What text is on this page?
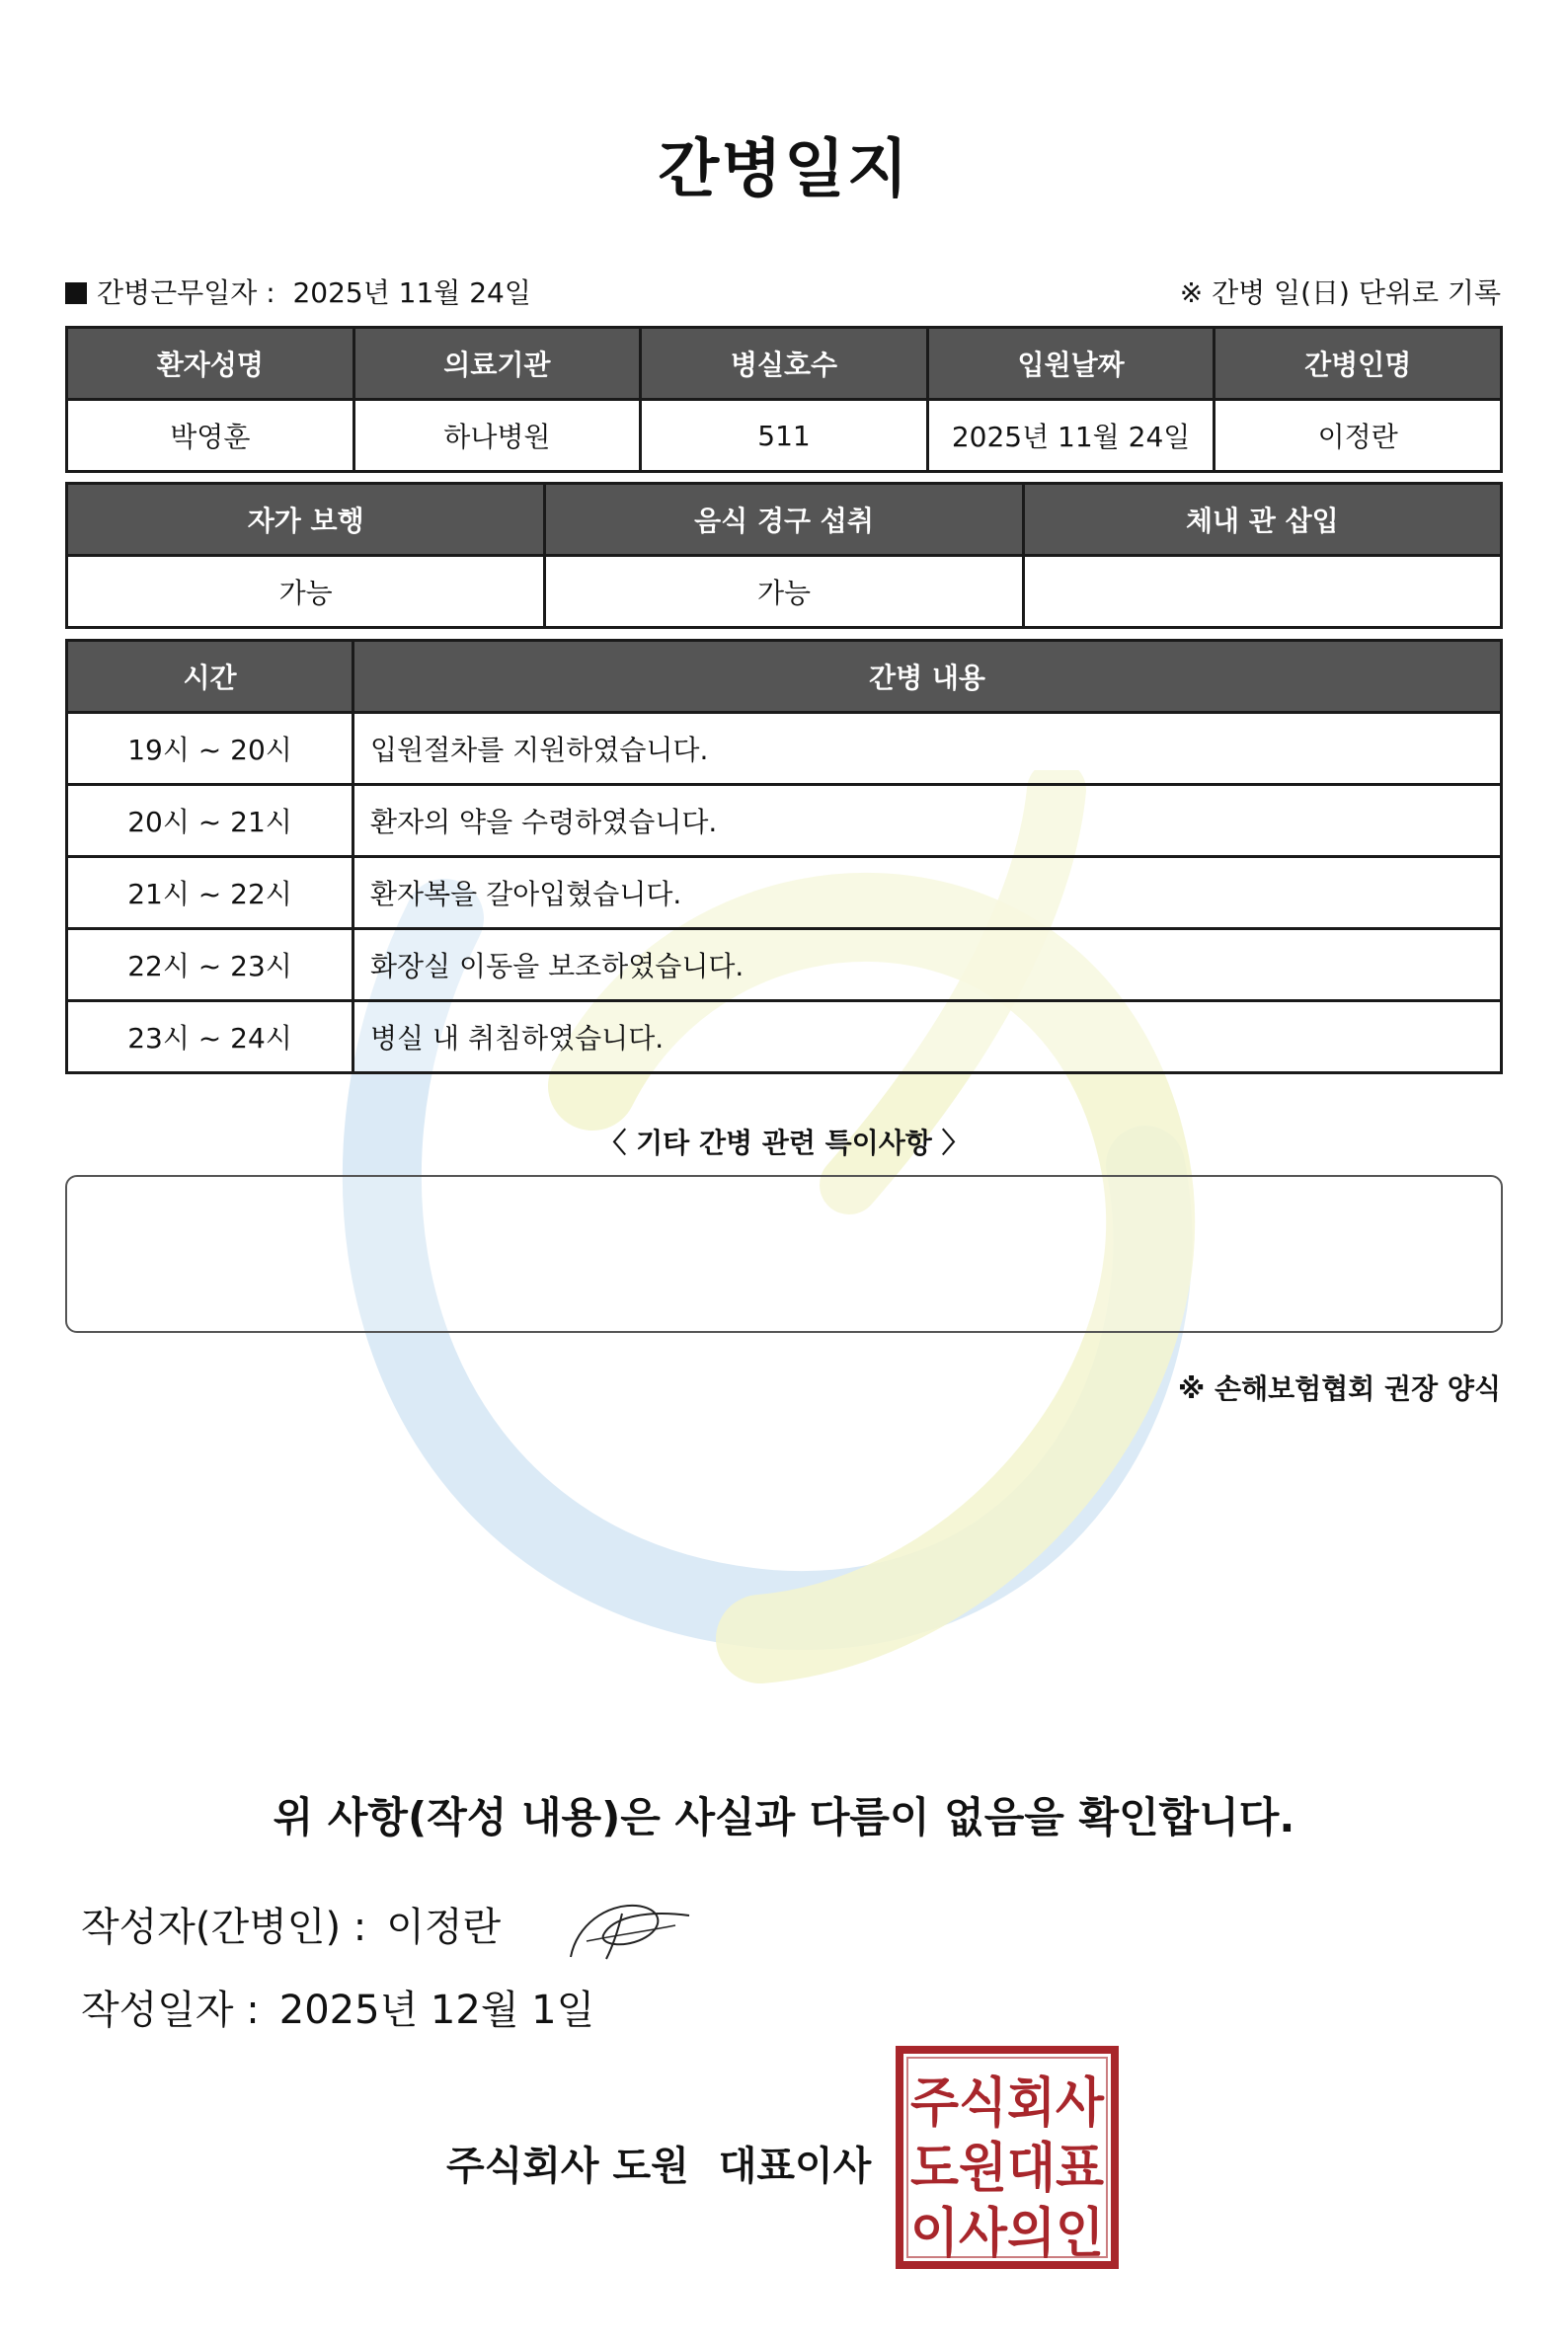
간병일지
간병근무일자 : 2025년 11월 24일	※ 간병 일(日) 단위로 기록
환자성명	의료기관	병실호수	입원날짜	간병인명
박영훈	하나병원	511	2025년 11월 24일	이정란
자가 보행	음식 경구 섭취	체내 관 삽입
가능	가능	
시간	간병 내용
19시 ~ 20시	입원절차를 지원하였습니다.
20시 ~ 21시	환자의 약을 수령하였습니다.
21시 ~ 22시	환자복을 갈아입혔습니다.
22시 ~ 23시	화장실 이동을 보조하였습니다.
23시 ~ 24시	병실 내 취침하였습니다.
〈 기타 간병 관련 특이사항 〉
※ 손해보험협회 권장 양식
위 사항(작성 내용)은 사실과 다름이 없음을 확인합니다.
작성자(간병인) : 이정란
작성일자 : 2025년 12월 1일
주식회사 도원 대표이사
주식회사
도원대표
이사의인
